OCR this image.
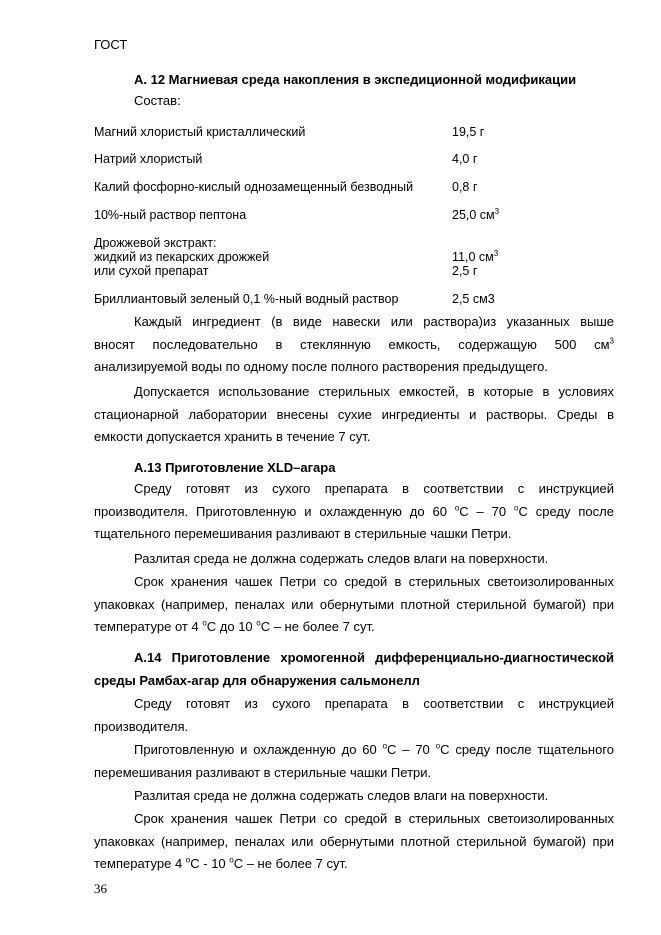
ГОСТ
А. 12 Магниевая среда накопления в экспедиционной модификации
Состав:
Магний хлористый кристаллический	19,5 г
Натрий хлористый	4,0 г
Калий фосфорно-кислый однозамещенный безводный	0,8 г
10%-ный раствор пептона	25,0 $см^3$
Дрожжевой экстракт:
жидкий из пекарских дрожжей	11,0 $см^3$
или сухой препарат	2,5 г
Бриллиантовый зеленый 0,1 %-ный водный раствор	2,5 см3
Каждый ингредиент (в виде навески или раствора)из указанных выше
вносят последовательно в стеклянную емкость, содержащую 500 $см^3$
анализируемой воды по одному после полного растворения предыдущего.
Допускается использование стерильных емкостей, в которые в условиях
стационарной лаборатории внесены сухие ингредиенты и растворы. Среды в
емкости допускается хранить в течение 7 сут.
А.13 Приготовление XLD–агара
Среду готовят из сухого препарата в соответствии с инструкцией
производителя. Приготовленную и охлажденную до 60 $^о$С – 70 $^о$С среду после
тщательного перемешивания разливают в стерильные чашки Петри.
Разлитая среда не должна содержать следов влаги на поверхности.
Срок хранения чашек Петри со средой в стерильных светоизолированных
упаковках (например, пеналах или обернутыми плотной стерильной бумагой) при
температуре от 4 $^о$С до 10 $^о$С – не более 7 сут.
А.14 Приготовление хромогенной дифференциально-диагностической
среды Рамбах-агар для обнаружения сальмонелл
Среду готовят из сухого препарата в соответствии с инструкцией
производителя.
Приготовленную и охлажденную до 60 $^о$С – 70 $^о$С среду после тщательного
перемешивания разливают в стерильные чашки Петри.
Разлитая среда не должна содержать следов влаги на поверхности.
Срок хранения чашек Петри со средой в стерильных светоизолированных
упаковках (например, пеналах или обернутыми плотной стерильной бумагой) при
температуре 4 $^о$С - 10 $^о$С – не более 7 сут.
36
